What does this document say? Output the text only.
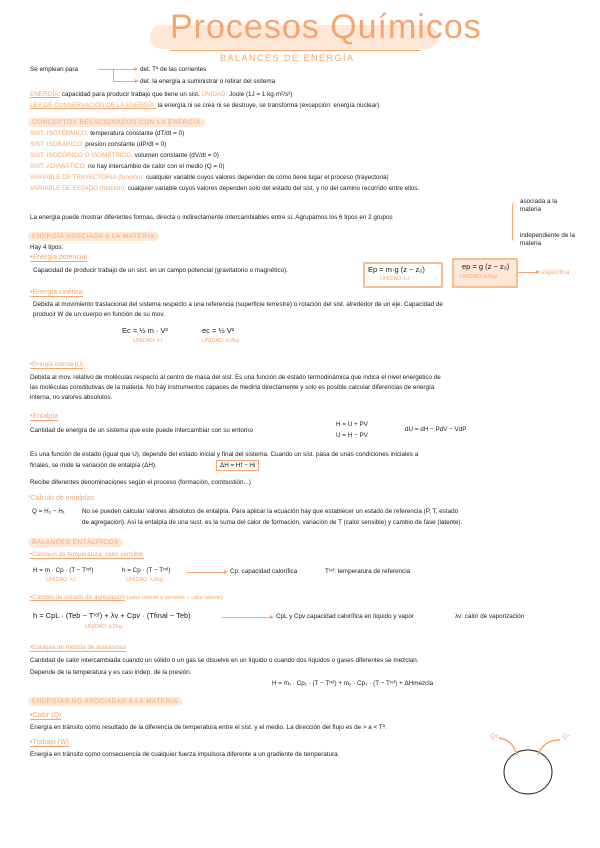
Procesos Químicos
BALANCES DE ENERGÍA
Se emplean para	det. Tª de las corrientes
det. la energía a suministrar o retirar del sistema
ENERGÍA: capacidad para producir trabajo que tiene un sist. UNIDAD: Joule (1J = 1 kg·m²/s²)
LEY DE CONSERVACIÓN DE LA ENERGÍA: la energía ni se crea ni se destruye, se transforma (excepción: energía nuclear)
CONCEPTOS RELACIONADOS CON LA ENERGÍA
SIST. ISOTÉRMICO: temperatura constante (dT/dt = 0)
SIST. ISOBÁRICO: presión constante (dP/dt = 0)
SIST. ISOCÓRICO O ISOMÉTRICO: volumen constante (dV/dt = 0)
SIST. ADIABÁTICO: no hay intercambio de calor con el medio (Q = 0)
VARIABLE DE TRAYECTORIA (función): cualquier variable cuyos valores dependen de cómo tiene lugar el proceso (trayectoria)
VARIABLE DE ESTADO (función): cualquier variable cuyos valores dependen solo del estado del sist. y no del camino recorrido entre ellos.
La energía puede mostrar diferentes formas, directa o indirectamente intercambiables entre sí. Agrupamos los 6 tipos en 2 grupos
asociada a la materia
independiente de la materia
ENERGÍA ASOCIADA A LA MATERIA
Hay 4 tipos:
•Energía potencial
Capacidad de producir trabajo de un sist. en un campo potencial (gravitatorio o magnético).	Ep = m·g (z − z₀)
UNIDAD: kJ
ep = g (z − z₀)
UNIDAD: kJ/kg
específica
•Energía cinética
Debida al movimiento traslacional del sistema respecto a una referencia (superficie terrestre) o rotación del sist. alrededor de un eje. Capacidad de
producir W de un cuerpo en función de su mov.
Ec = ½ m · V²
UNIDAD: kJ
ec = ½ V²
UNIDAD: kJ/kg
•Energía interna (U)
Debida al mov. relativo de moléculas respecto al centro de masa del sist. Es una función de estado termodinámica que indica el nivel energético de
las moléculas constitutivas de la materia. No hay instrumentos capaces de medirla directamente y solo es posible calcular diferencias de energía
interna, no valores absolutos.
•Entalpía
Cantidad de energía de un sistema que este puede intercambiar con su entorno
H = U + PV
U = H − PV
dU = dH − PdV − VdP
Es una función de estado (igual que U), depende del estado inicial y final del sistema. Cuando un sist. pasa de unas condiciones iniciales a
finales, se mide la variación de entalpía (ΔH).	ΔH = Hf − Hi
Recibe diferentes denominaciones según el proceso (formación, combustión...)
*Cálculo de entalpías
Q = H₂ − H₁	No se pueden calcular valores absolutos de entalpía. Para aplicar la ecuación hay que establecer un estado de referencia (P, T, estado
de agregación). Así la entalpía de una sust. es la suma del calor de formación, variación de T (calor sensible) y cambio de fase (latente).
BALANCES ENTÁLPICOS
•Cambios de temperatura: calor sensible
H = m · Cp · (T − Tʳᵉᶠ)
UNIDAD: kJ
h = Cp · (T − Tʳᵉᶠ)
UNIDAD: kJ/kg
Cp: capacidad calorífica	Tʳᵉᶠ: temperatura de referencia
•Cambio de estado de agregación (calor latente o sensible + calor latente)
h = CpL · (Teb − Tʳᵉᶠ) + λv + Cpv · (Tfinal − Teb)
UNIDAD: kJ/kg
CpL y Cpv capacidad calorífica en líquido y vapor	λv: calor de vaporización
•Entalpía de mezcla de sustancias
Cantidad de calor intercambiada cuando un sólido o un gas se disuelve en un líquido o cuando dos líquidos o gases diferentes se mezclan.
Depende de la temperatura y es casi indep. de la presión.
H = m₁ · Cp₁ · (T − Tʳᵉᶠ) + m₂ · Cp₂ · (T − Tʳᵉᶠ) + ΔHmezcla
ENERGÍAS NO ASOCIADAS A LA MATERIA
•Calor (Q)
Energía en tránsito como resultado de la diferencia de temperatura entre el sist. y el medio. La dirección del flujo es de > a < Tª.
•Trabajo (W)
Energía en tránsito como consecuencia de cualquier fuerza impulsora diferente a un gradiente de temperatura.
Q+	Q−
